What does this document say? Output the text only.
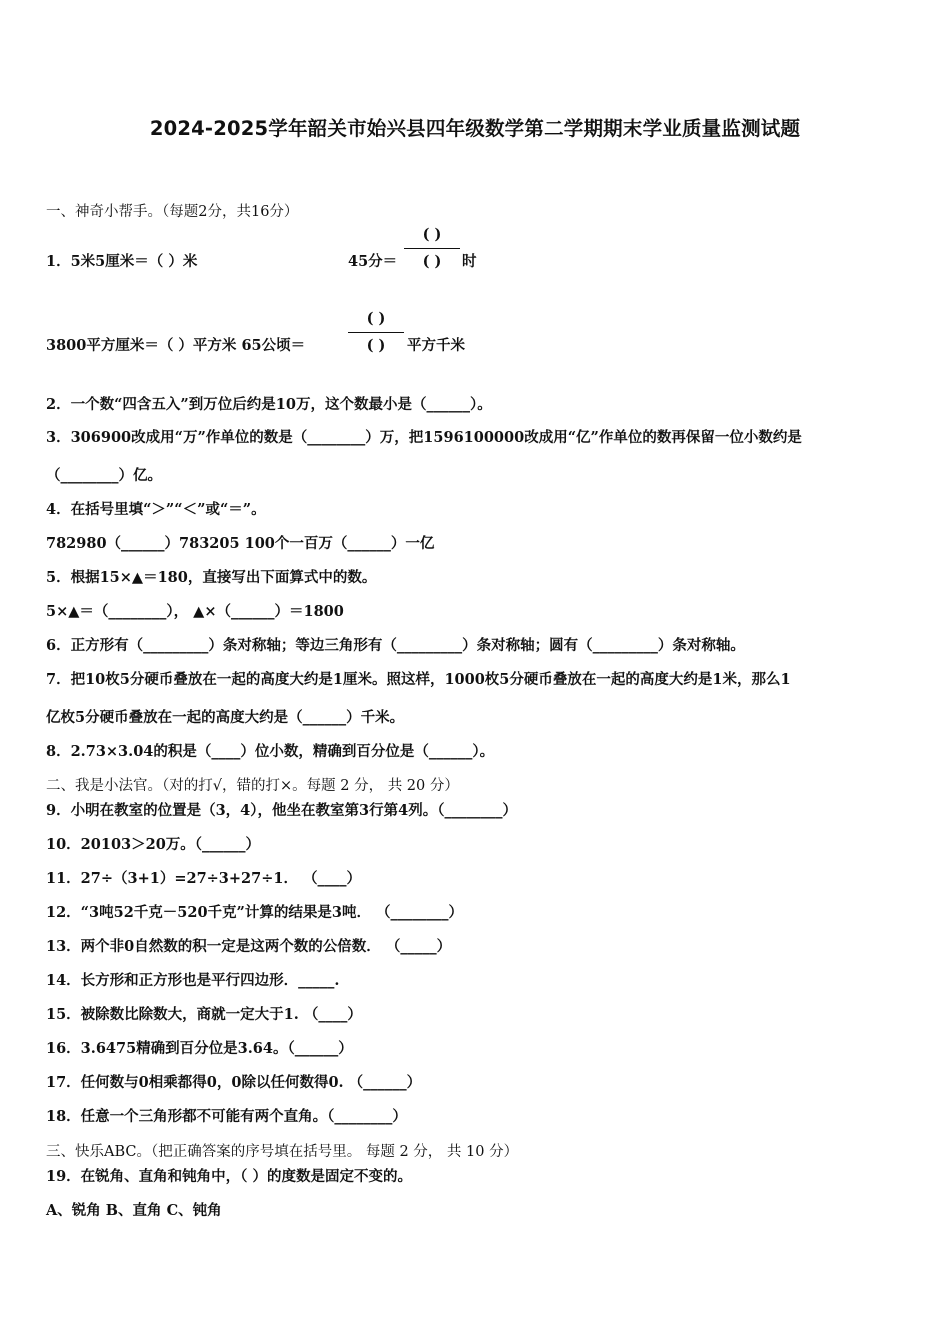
2024-2025学年韶关市始兴县四年级数学第二学期期末学业质量监测试题
一、神奇小帮手。（每题2分，共16分）
1．5米5厘米＝（ ）米	45分＝
( )
( )	时
3800平方厘米＝（ ）平方米 65公顷＝
( )
( )	平方千米
2．一个数“四含五入”到万位后约是10万，这个数最小是（______）。
3．306900改成用“万”作单位的数是（________）万，把1596100000改成用“亿”作单位的数再保留一位小数约是
（________）亿。
4．在括号里填“＞”“＜”或“＝”。
782980（______）783205 100个一百万（______）一亿
5．根据15×▲＝180，直接写出下面算式中的数。
5×▲＝（________）， ▲×（______）＝1800
6．正方形有（_________）条对称轴；等边三角形有（_________）条对称轴；圆有（_________）条对称轴。
7．把10枚5分硬币叠放在一起的高度大约是1厘米。照这样，1000枚5分硬币叠放在一起的高度大约是1米，那么1
亿枚5分硬币叠放在一起的高度大约是（______）千米。
8．2.73×3.04的积是（____）位小数，精确到百分位是（______）。
二、我是小法官。（对的打√，错的打×。每题 2 分， 共 20 分）
9．小明在教室的位置是（3，4），他坐在教室第3行第4列。（________）
10．20103＞20万。（______）
11．27÷（3+1）=27÷3+27÷1． （____）
12．“3吨52千克－520千克”计算的结果是3吨． （________）
13．两个非0自然数的积一定是这两个数的公倍数． （_____）
14．长方形和正方形也是平行四边形．_____.
15．被除数比除数大，商就一定大于1. （____）
16．3.6475精确到百分位是3.64。（______）
17．任何数与0相乘都得0，0除以任何数得0. （______）
18．任意一个三角形都不可能有两个直角。（________）
三、快乐ABC。（把正确答案的序号填在括号里。 每题 2 分， 共 10 分）
19．在锐角、直角和钝角中，（ ）的度数是固定不变的。
A、锐角 B、直角 C、钝角
